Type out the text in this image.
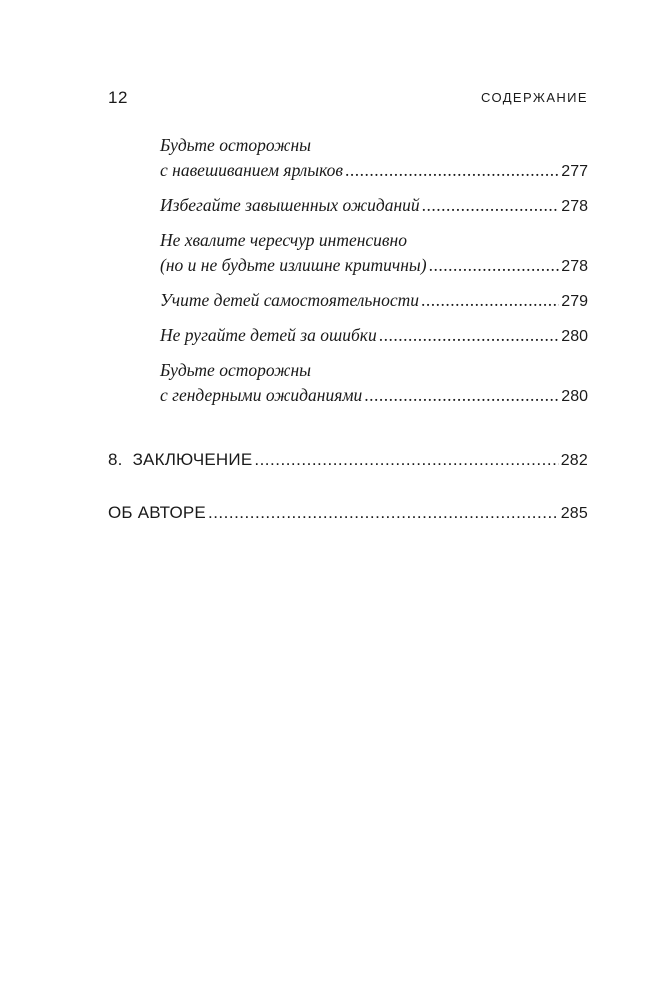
12	СОДЕРЖАНИЕ
Будьте осторожны
с навешиванием ярлыков .....	277
Избегайте завышенных ожиданий .....	278
Не хвалите чересчур интенсивно
(но и не будьте излишне критичны) .....	278
Учите детей самостоятельности .....	279
Не ругайте детей за ошибки .....	280
Будьте осторожны
с гендерными ожиданиями .....	280
8. ЗАКЛЮЧЕНИЕ .....	282
ОБ АВТОРЕ .....	285
